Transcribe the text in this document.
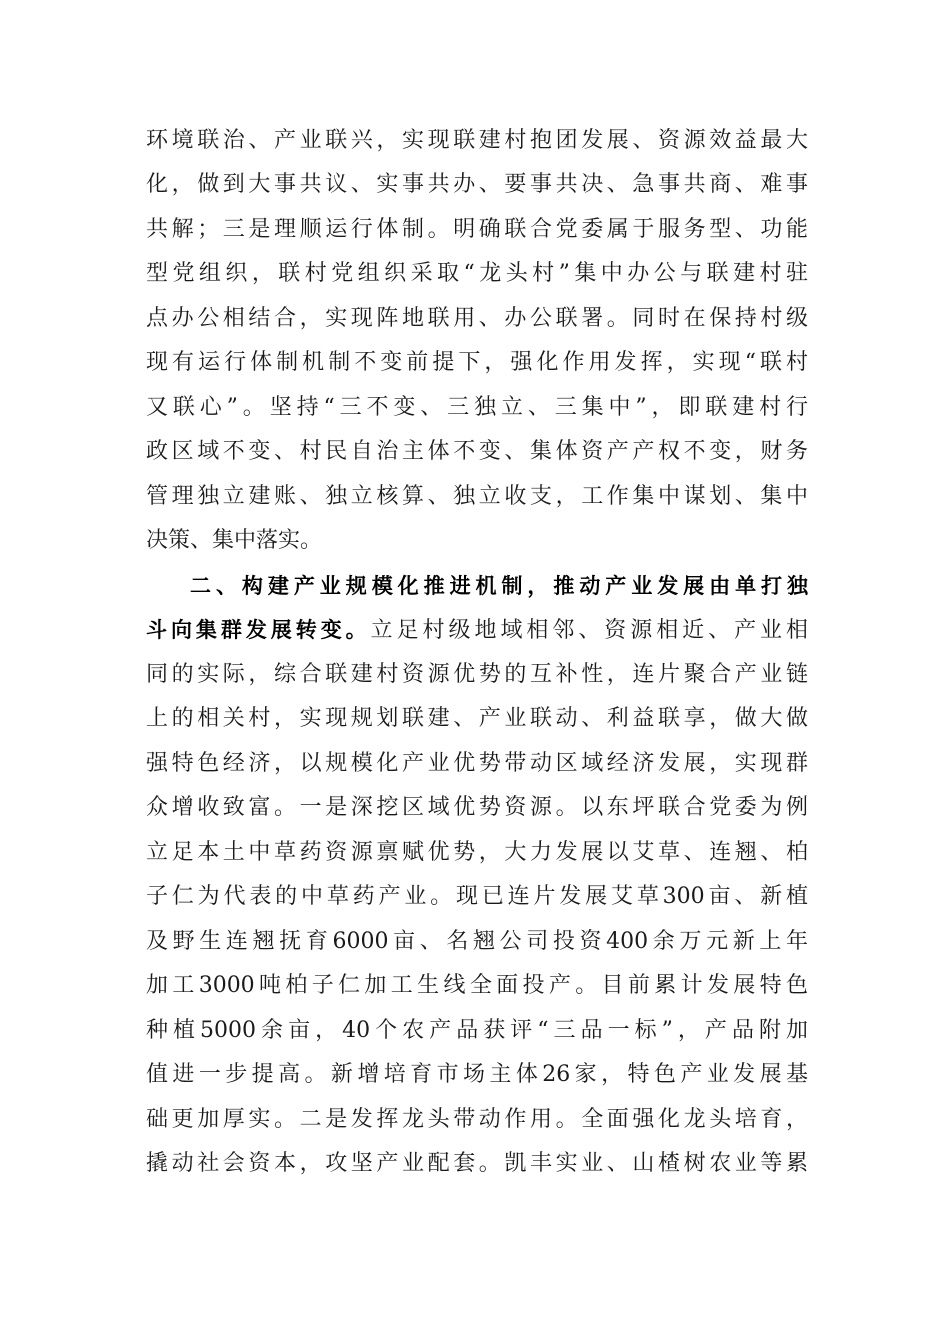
环境联治、产业联兴，实现联建村抱团发展、资源效益最大
化，做到大事共议、实事共办、要事共决、急事共商、难事
共解；三是理顺运行体制。明确联合党委属于服务型、功能
型党组织，联村党组织采取“龙头村”集中办公与联建村驻
点办公相结合，实现阵地联用、办公联署。同时在保持村级
现有运行体制机制不变前提下，强化作用发挥，实现“联村
又联心”。坚持“三不变、三独立、三集中”，即联建村行
政区域不变、村民自治主体不变、集体资产产权不变，财务
管理独立建账、独立核算、独立收支，工作集中谋划、集中
决策、集中落实。
二、构建产业规模化推进机制，推动产业发展由单打独
斗向集群发展转变。立足村级地域相邻、资源相近、产业相
同的实际，综合联建村资源优势的互补性，连片聚合产业链
上的相关村，实现规划联建、产业联动、利益联享，做大做
强特色经济，以规模化产业优势带动区域经济发展，实现群
众增收致富。一是深挖区域优势资源。以东坪联合党委为例
立足本土中草药资源禀赋优势，大力发展以艾草、连翘、柏
子仁为代表的中草药产业。现已连片发展艾草300亩、新植
及野生连翘抚育6000亩、名翘公司投资400余万元新上年
加工3000吨柏子仁加工生线全面投产。目前累计发展特色
种植5000余亩，40个农产品获评“三品一标”，产品附加
值进一步提高。新增培育市场主体26家，特色产业发展基
础更加厚实。二是发挥龙头带动作用。全面强化龙头培育，
撬动社会资本，攻坚产业配套。凯丰实业、山楂树农业等累
